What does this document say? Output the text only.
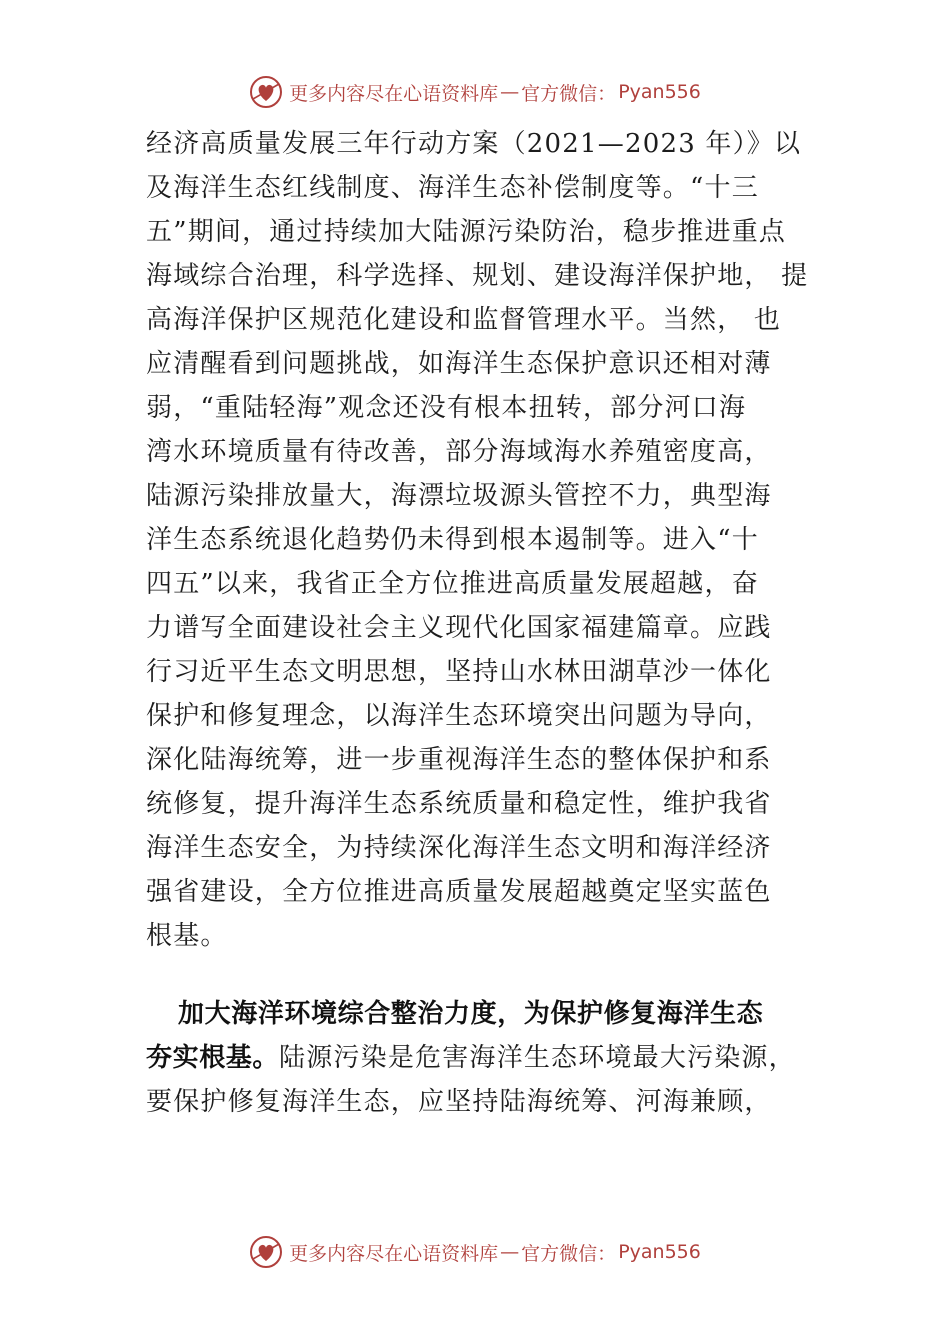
更多内容尽在心语资料库 — 官方微信： Pyan556
经济高质量发展三年行动方案（2021—2023 年）》以
及海洋生态红线制度、海洋生态补偿制度等。“十三
五”期间，通过持续加大陆源污染防治，稳步推进重点
海域综合治理，科学选择、规划、建设海洋保护地， 提
高海洋保护区规范化建设和监督管理水平。当然， 也
应清醒看到问题挑战，如海洋生态保护意识还相对薄
弱，“重陆轻海”观念还没有根本扭转，部分河口海
湾水环境质量有待改善，部分海域海水养殖密度高，
陆源污染排放量大，海漂垃圾源头管控不力，典型海
洋生态系统退化趋势仍未得到根本遏制等。进入“十
四五”以来，我省正全方位推进高质量发展超越，奋
力谱写全面建设社会主义现代化国家福建篇章。应践
行习近平生态文明思想，坚持山水林田湖草沙一体化
保护和修复理念，以海洋生态环境突出问题为导向，
深化陆海统筹，进一步重视海洋生态的整体保护和系
统修复，提升海洋生态系统质量和稳定性，维护我省
海洋生态安全，为持续深化海洋生态文明和海洋经济
强省建设，全方位推进高质量发展超越奠定坚实蓝色
根基。
加大海洋环境综合整治力度，为保护修复海洋生态
夯实根基。陆源污染是危害海洋生态环境最大污染源，
要保护修复海洋生态，应坚持陆海统筹、河海兼顾，
更多内容尽在心语资料库 — 官方微信： Pyan556
